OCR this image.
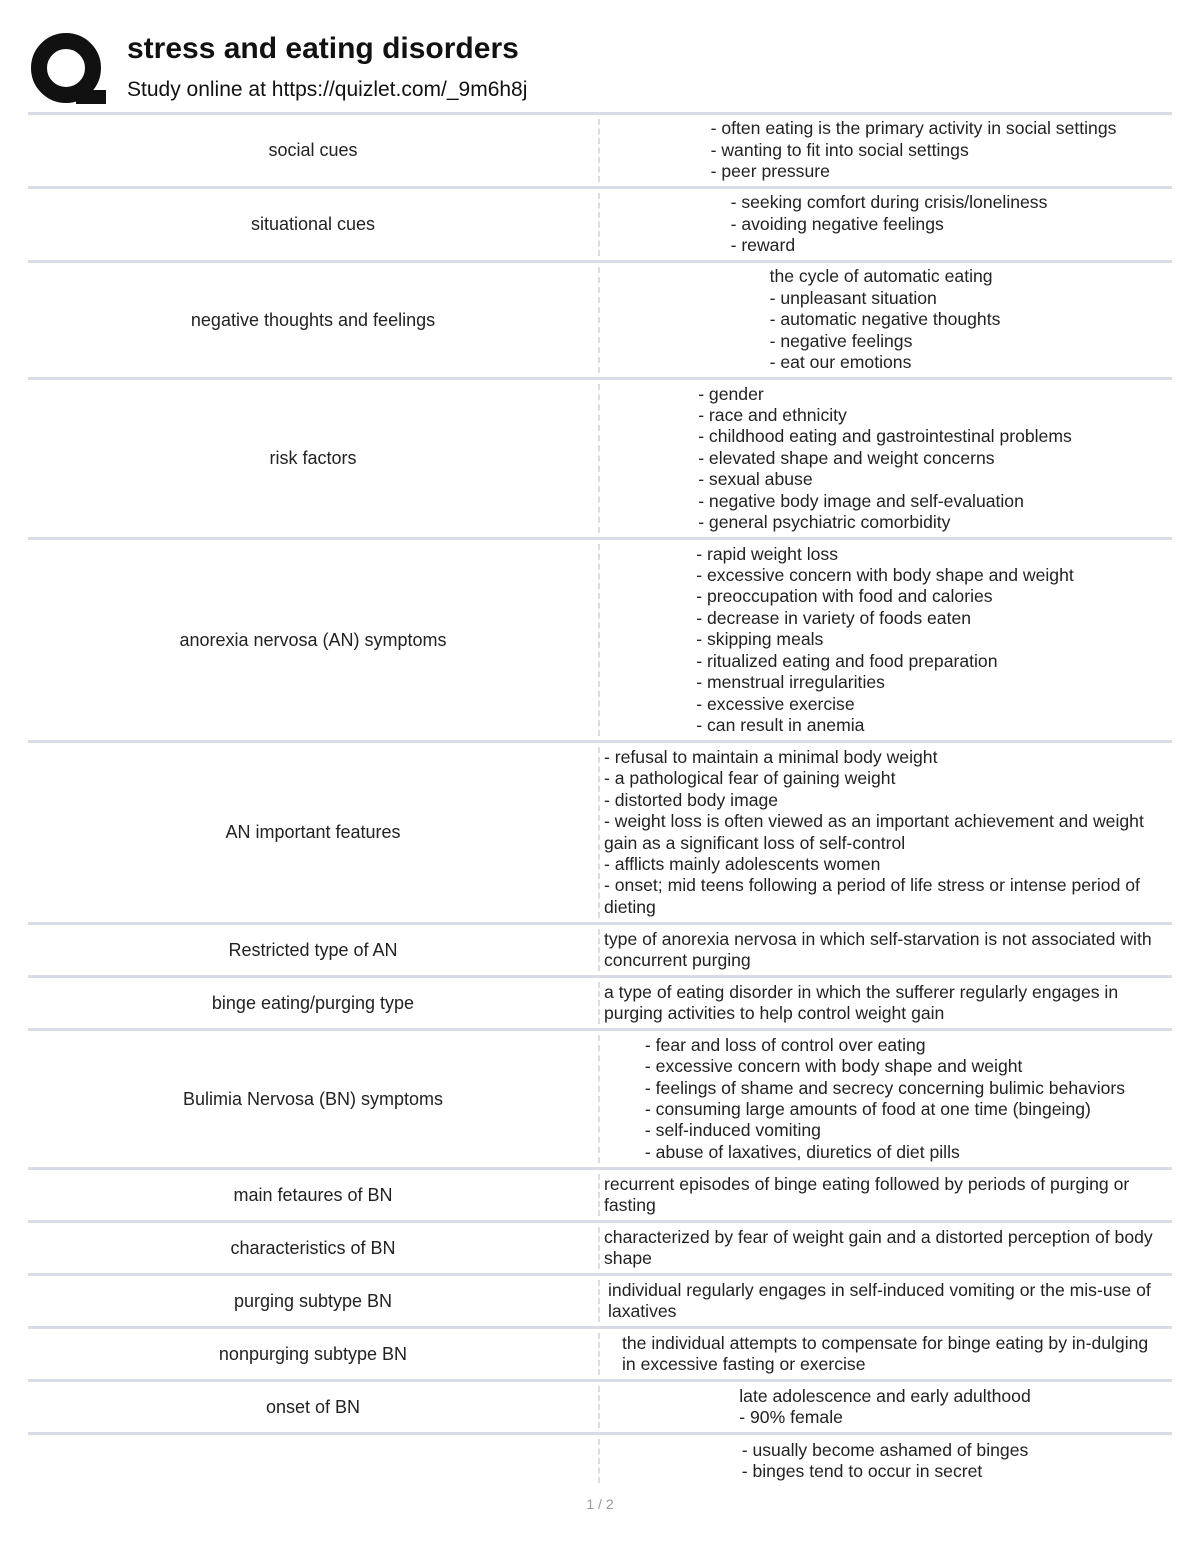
stress and eating disorders
Study online at https://quizlet.com/_9m6h8j
social cues
- often eating is the primary activity in social settings
- wanting to fit into social settings
- peer pressure
situational cues
- seeking comfort during crisis/loneliness
- avoiding negative feelings
- reward
negative thoughts and feelings
the cycle of automatic eating
- unpleasant situation
- automatic negative thoughts
- negative feelings
- eat our emotions
risk factors
- gender
- race and ethnicity
- childhood eating and gastrointestinal problems
- elevated shape and weight concerns
- sexual abuse
- negative body image and self-evaluation
- general psychiatric comorbidity
anorexia nervosa (AN) symptoms
- rapid weight loss
- excessive concern with body shape and weight
- preoccupation with food and calories
- decrease in variety of foods eaten
- skipping meals
- ritualized eating and food preparation
- menstrual irregularities
- excessive exercise
- can result in anemia
AN important features
- refusal to maintain a minimal body weight
- a pathological fear of gaining weight
- distorted body image
- weight loss is often viewed as an important achievement and weight gain as a significant loss of self-control
- afflicts mainly adolescents women
- onset; mid teens following a period of life stress or intense period of dieting
Restricted type of AN
type of anorexia nervosa in which self-starvation is not associated with concurrent purging
binge eating/purging type
a type of eating disorder in which the sufferer regularly engages in purging activities to help control weight gain
Bulimia Nervosa (BN) symptoms
- fear and loss of control over eating
- excessive concern with body shape and weight
- feelings of shame and secrecy concerning bulimic behaviors
- consuming large amounts of food at one time (bingeing)
- self-induced vomiting
- abuse of laxatives, diuretics of diet pills
main fetaures of BN
recurrent episodes of binge eating followed by periods of purging or fasting
characteristics of BN
characterized by fear of weight gain and a distorted perception of body shape
purging subtype BN
individual regularly engages in self-induced vomiting or the mis-use of laxatives
nonpurging subtype BN
the individual attempts to compensate for binge eating by in-dulging in excessive fasting or exercise
onset of BN
late adolescence and early adulthood
- 90% female
- usually become ashamed of binges
- binges tend to occur in secret
1 / 2
